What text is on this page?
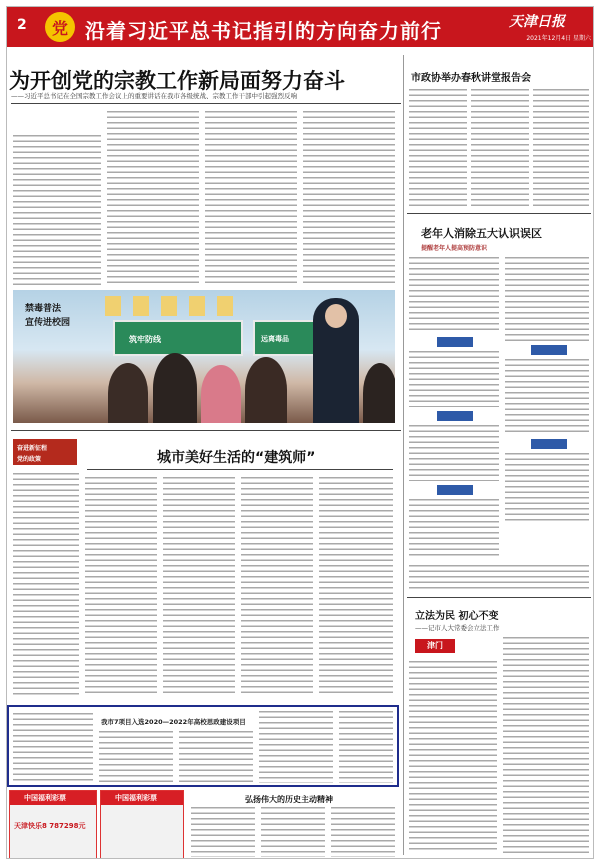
2 党 沿着习近平总书记指引的方向奋力前行	天津日报
2021年12月4日 星期六
为开创党的宗教工作新局面努力奋斗
——习近平总书记在全国宗教工作会议上的重要讲话在我市各级统战、宗教工作干部中引起强烈反响
禁毒普法
宣传进校园
筑牢防线	远离毒品
奋进新征程
党的政策	城市美好生活的“建筑师”
我市7项目入选2020—2022年高校思政建设项目
中国福利彩票
天津快乐8 787298元
中国福利彩票	弘扬伟大的历史主动精神
市政协举办春秋讲堂报告会
老年人消除五大认识误区
提醒老年人提高预防意识
立法为民 初心不变
——记市人大常委会立法工作
津门
